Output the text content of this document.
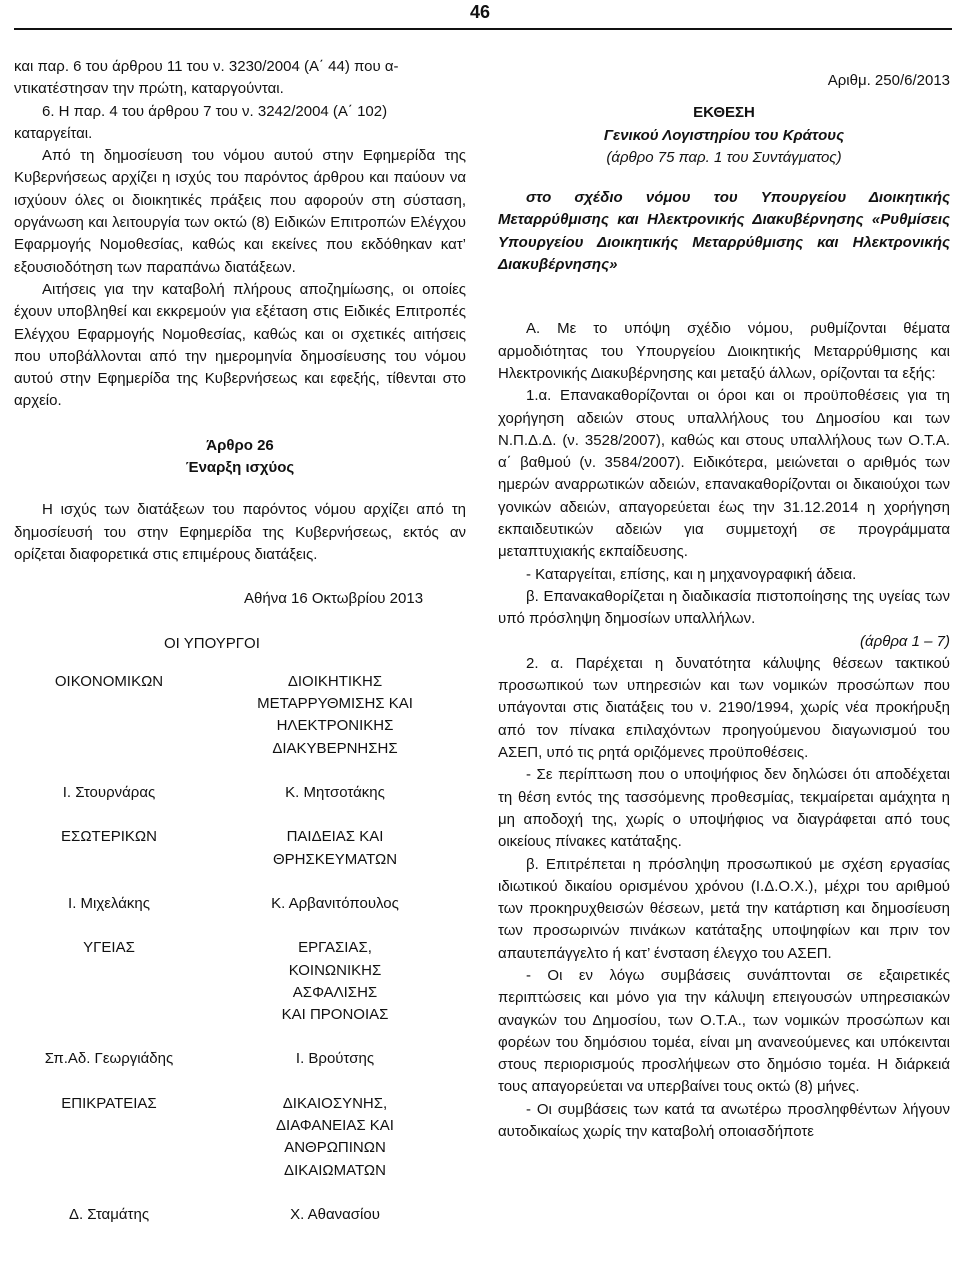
46

και παρ. 6 του άρθρου 11 του ν. 3230/2004 (Α΄ 44) που α-

ντικατέστησαν την πρώτη, καταργούνται.

6. Η παρ. 4 του άρθρου 7 του ν. 3242/2004 (Α΄ 102)

καταργείται.

Από τη δημοσίευση του νόμου αυτού στην Εφημερίδα της Κυβερνήσεως αρχίζει η ισχύς του παρόντος άρθρου και παύουν να ισχύουν όλες οι διοικητικές πράξεις που αφορούν στη σύσταση, οργάνωση και λειτουργία των οκτώ (8) Ειδικών Επιτροπών Ελέγχου Εφαρμογής Νομοθεσίας, καθώς και εκείνες που εκδόθηκαν κατ’ εξουσιοδότηση των παραπάνω διατάξεων.

Αιτήσεις για την καταβολή πλήρους αποζημίωσης, οι οποίες έχουν υποβληθεί και εκκρεμούν για εξέταση στις Ειδικές Επιτροπές Ελέγχου Εφαρμογής Νομοθεσίας, καθώς και οι σχετικές αιτήσεις που υποβάλλονται από την ημερομηνία δημοσίευσης του νόμου αυτού στην Εφημερίδα της Κυβερνήσεως και εφεξής, τίθενται στο αρχείο.

Άρθρο 26

Έναρξη ισχύος

Η ισχύς των διατάξεων του παρόντος νόμου αρχίζει από τη δημοσίευσή του στην Εφημερίδα της Κυβερνήσεως, εκτός αν ορίζεται διαφορετικά στις επιμέρους διατάξεις.

Αθήνα 16 Οκτωβρίου 2013

ΟΙ ΥΠΟΥΡΓΟΙ

ΟΙΚΟΝΟΜΙΚΩΝ	ΔΙΟΙΚΗΤΙΚΗΣ
ΜΕΤΑΡΡΥΘΜΙΣΗΣ ΚΑΙ
ΗΛΕΚΤΡΟΝΙΚΗΣ
ΔΙΑΚΥΒΕΡΝΗΣΗΣ
Ι. Στουρνάρας	Κ. Μητσοτάκης
ΕΣΩΤΕΡΙΚΩΝ	ΠΑΙΔΕΙΑΣ ΚΑΙ
ΘΡΗΣΚΕΥΜΑΤΩΝ
Ι. Μιχελάκης	Κ. Αρβανιτόπουλος
ΥΓΕΙΑΣ	ΕΡΓΑΣΙΑΣ,
ΚΟΙΝΩΝΙΚΗΣ
ΑΣΦΑΛΙΣΗΣ
ΚΑΙ ΠΡΟΝΟΙΑΣ
Σπ.Αδ. Γεωργιάδης	Ι. Βρούτσης
ΕΠΙΚΡΑΤΕΙΑΣ	ΔΙΚΑΙΟΣΥΝΗΣ,
ΔΙΑΦΑΝΕΙΑΣ ΚΑΙ
ΑΝΘΡΩΠΙΝΩΝ
ΔΙΚΑΙΩΜΑΤΩΝ
Δ. Σταμάτης	Χ. Αθανασίου

Αριθμ. 250/6/2013

ΕΚΘΕΣΗ

Γενικού Λογιστηρίου του Κράτους

(άρθρο 75 παρ. 1 του Συντάγματος)

στο σχέδιο νόμου του Υπουργείου Διοικητικής Μεταρρύθμισης και Ηλεκτρονικής Διακυβέρνησης «Ρυθμίσεις Υπουργείου Διοικητικής Μεταρρύθμισης και Ηλεκτρονικής Διακυβέρνησης»

Α. Με το υπόψη σχέδιο νόμου, ρυθμίζονται θέματα αρμοδιότητας του Υπουργείου Διοικητικής Μεταρρύθμισης και Ηλεκτρονικής Διακυβέρνησης και μεταξύ άλλων, ορίζονται τα εξής:

1.α. Επανακαθορίζονται οι όροι και οι προϋποθέσεις για τη χορήγηση αδειών στους υπαλλήλους του Δημοσίου και των Ν.Π.Δ.Δ. (ν. 3528/2007), καθώς και στους υπαλλήλους των Ο.Τ.Α. α΄ βαθμού (ν. 3584/2007). Ειδικότερα, μειώνεται ο αριθμός των ημερών αναρρωτικών αδειών, επανακαθορίζονται οι δικαιούχοι των γονικών αδειών, απαγορεύεται έως την 31.12.2014 η χορήγηση εκπαιδευτικών αδειών για συμμετοχή σε προγράμματα μεταπτυχιακής εκπαίδευσης.

- Καταργείται, επίσης, και η μηχανογραφική άδεια.

β. Επανακαθορίζεται η διαδικασία πιστοποίησης της υγείας των υπό πρόσληψη δημοσίων υπαλλήλων.

(άρθρα 1 – 7)

2. α. Παρέχεται η δυνατότητα κάλυψης θέσεων τακτικού προσωπικού των υπηρεσιών και των νομικών προσώπων που υπάγονται στις διατάξεις του ν. 2190/1994, χωρίς νέα προκήρυξη από τον πίνακα επιλαχόντων προηγούμενου διαγωνισμού του ΑΣΕΠ, υπό τις ρητά οριζόμενες προϋποθέσεις.

- Σε περίπτωση που ο υποψήφιος δεν δηλώσει ότι αποδέχεται τη θέση εντός της τασσόμενης προθεσμίας, τεκμαίρεται αμάχητα η μη αποδοχή της, χωρίς ο υποψήφιος να διαγράφεται από τους οικείους πίνακες κατάταξης.

β. Επιτρέπεται η πρόσληψη προσωπικού με σχέση εργασίας ιδιωτικού δικαίου ορισμένου χρόνου (Ι.Δ.Ο.Χ.), μέχρι του αριθμού των προκηρυχθεισών θέσεων, μετά την κατάρτιση και δημοσίευση των προσωρινών πινάκων κατάταξης υποψηφίων και πριν τον απαυτεπάγγελτο ή κατ’ ένσταση έλεγχο του ΑΣΕΠ.

- Οι εν λόγω συμβάσεις συνάπτονται σε εξαιρετικές περιπτώσεις και μόνο για την κάλυψη επειγουσών υπηρεσιακών αναγκών του Δημοσίου, των Ο.Τ.Α., των νομικών προσώπων και φορέων του δημόσιου τομέα, είναι μη ανανεούμενες και υπόκεινται στους περιορισμούς προσλήψεων στο δημόσιο τομέα. Η διάρκειά τους απαγορεύεται να υπερβαίνει τους οκτώ (8) μήνες.

- Οι συμβάσεις των κατά τα ανωτέρω προσληφθέντων λήγουν αυτοδικαίως χωρίς την καταβολή οποιασδήποτε
